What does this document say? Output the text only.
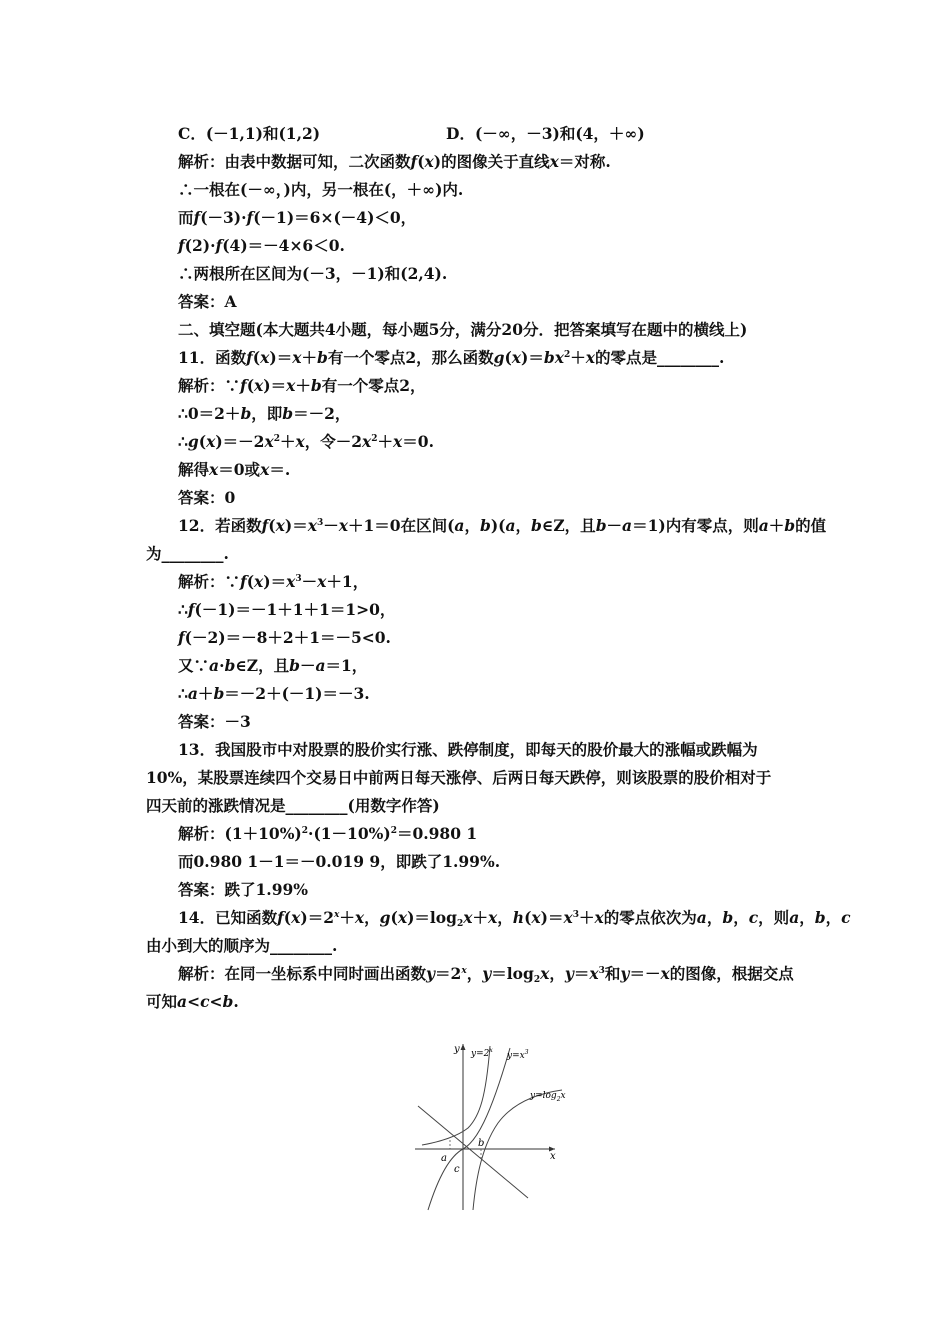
C．(－1,1)和(1,2)	D．(－∞，－3)和(4，＋∞)
解析：由表中数据可知，二次函数f(x)的图像关于直线x＝对称.
∴一根在(－∞，)内，另一根在(，＋∞)内.
而f(－3)·f(－1)＝6×(－4)＜0，
f(2)·f(4)＝－4×6＜0.
∴两根所在区间为(－3，－1)和(2,4).
答案：A
二、填空题(本大题共4小题，每小题5分，满分20分．把答案填写在题中的横线上)
11．函数f(x)＝x＋b有一个零点2，那么函数$g(x)=bx^2+x$的零点是________.
解析：∵f(x)＝x＋b有一个零点2，
∴0＝2＋b，即b＝－2，
$\therefore g(x)=-2x^2+x$，令$-2x^2+x=0$.
解得x＝0或x＝.
答案：0
12．若函数$f(x)=x^3-x+1=0$在区间(a，b)(a，b∈Z，且b－a＝1)内有零点，则a＋b的值
为________.
解析：$\because f(x)=x^3-x+1$，
∴f(－1)＝－1＋1＋1＝1>0，
f(－2)＝－8＋2＋1＝－5<0.
又∵a·b∈Z，且b－a＝1，
∴a＋b＝－2＋(－1)＝－3.
答案：－3
13．我国股市中对股票的股价实行涨、跌停制度，即每天的股价最大的涨幅或跌幅为
10%，某股票连续四个交易日中前两日每天涨停、后两日每天跌停，则该股票的股价相对于
四天前的涨跌情况是________(用数字作答)
解析：$(1+10\%)^2\cdot(1-10\%)^2=0.980$ 1
而0.980 1－1＝－0.019 9，即跌了1.99%.
答案：跌了1.99%
14．已知函数$f(x)=2^x+x$，$g(x)=\log_2x+x$，$h(x)=x^3+x$的零点依次为a，b，c，则a，b，c
由小到大的顺序为________.
解析：在同一坐标系中同时画出函数$y=2^x$，$y=\log_2x$，$y=x^3$和y＝－x的图像，根据交点
可知a<c<b.
y
x
$y=2^x$
$y=x^3$
$y=\log_2x$
a
b
c
